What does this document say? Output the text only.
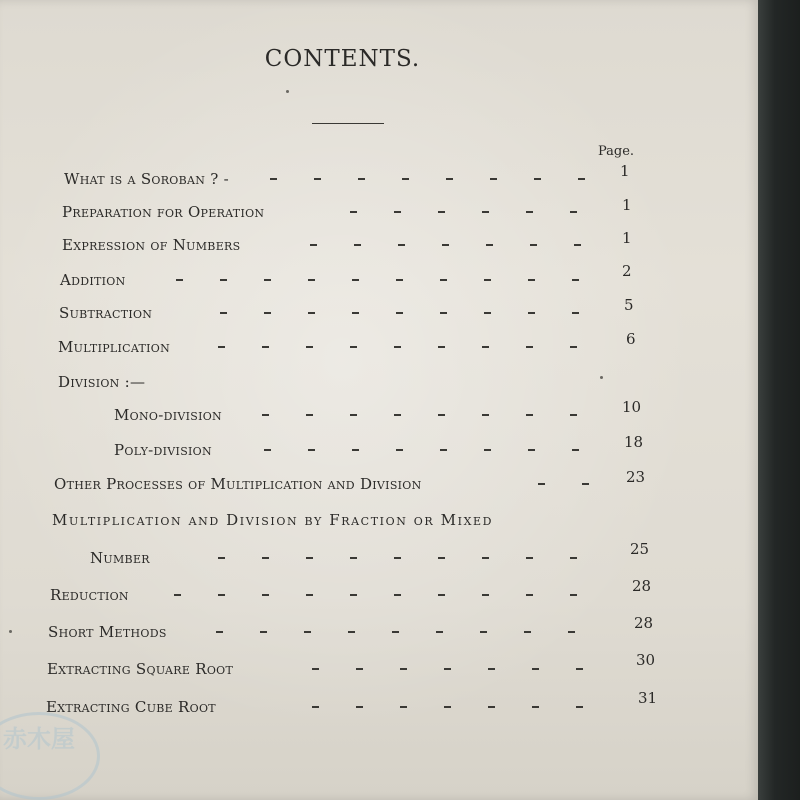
CONTENTS.
Page.
What is a Soroban ? -	1
Preparation for Operation	1
Expression of Numbers	1
Addition	2
Subtraction	5
Multiplication	6
Division :—
Mono-division	10
Poly-division	18
Other Processes of Multiplication and Division	23
Multiplication and Division by Fraction or Mixed
Number	25
Reduction	28
Short Methods	28
Extracting Square Root	30
Extracting Cube Root	31
赤木屋
